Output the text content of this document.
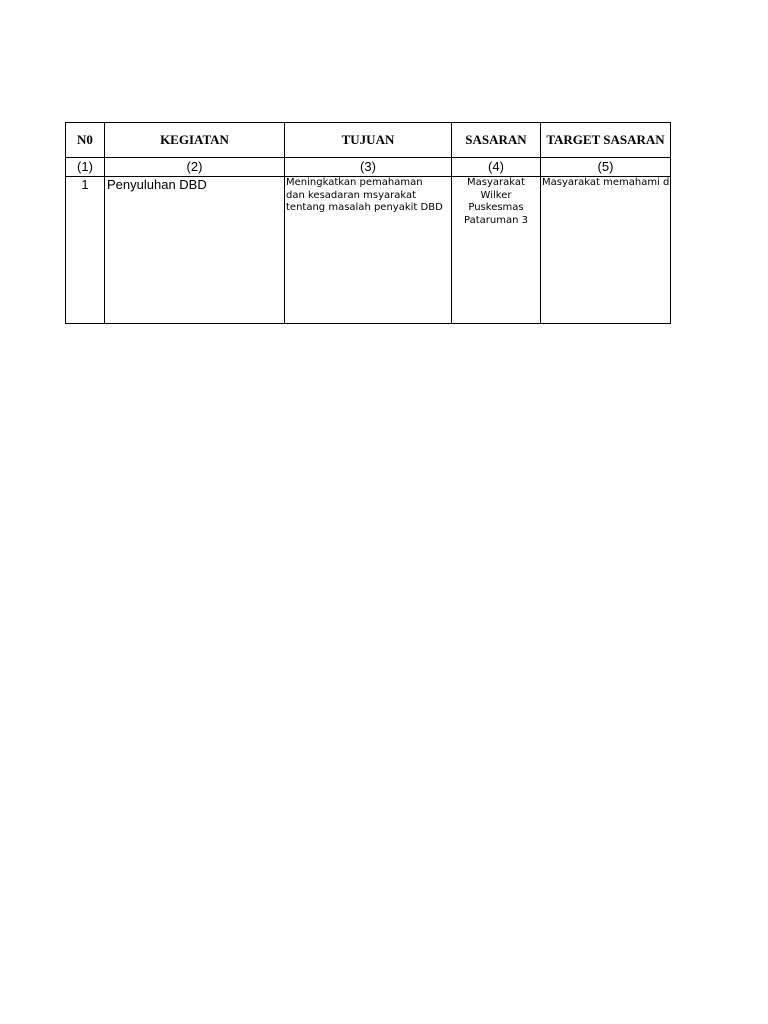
N0	KEGIATAN	TUJUAN	SASARAN	TARGET SASARAN
(1)	(2)	(3)	(4)	(5)
1	Penyuluhan DBD	Meningkatkan pemahaman
dan kesadaran msyarakat
tentang masalah penyakit DBD	Masyarakat
Wilker
Puskesmas
Pataruman 3	Masyarakat memahami d
